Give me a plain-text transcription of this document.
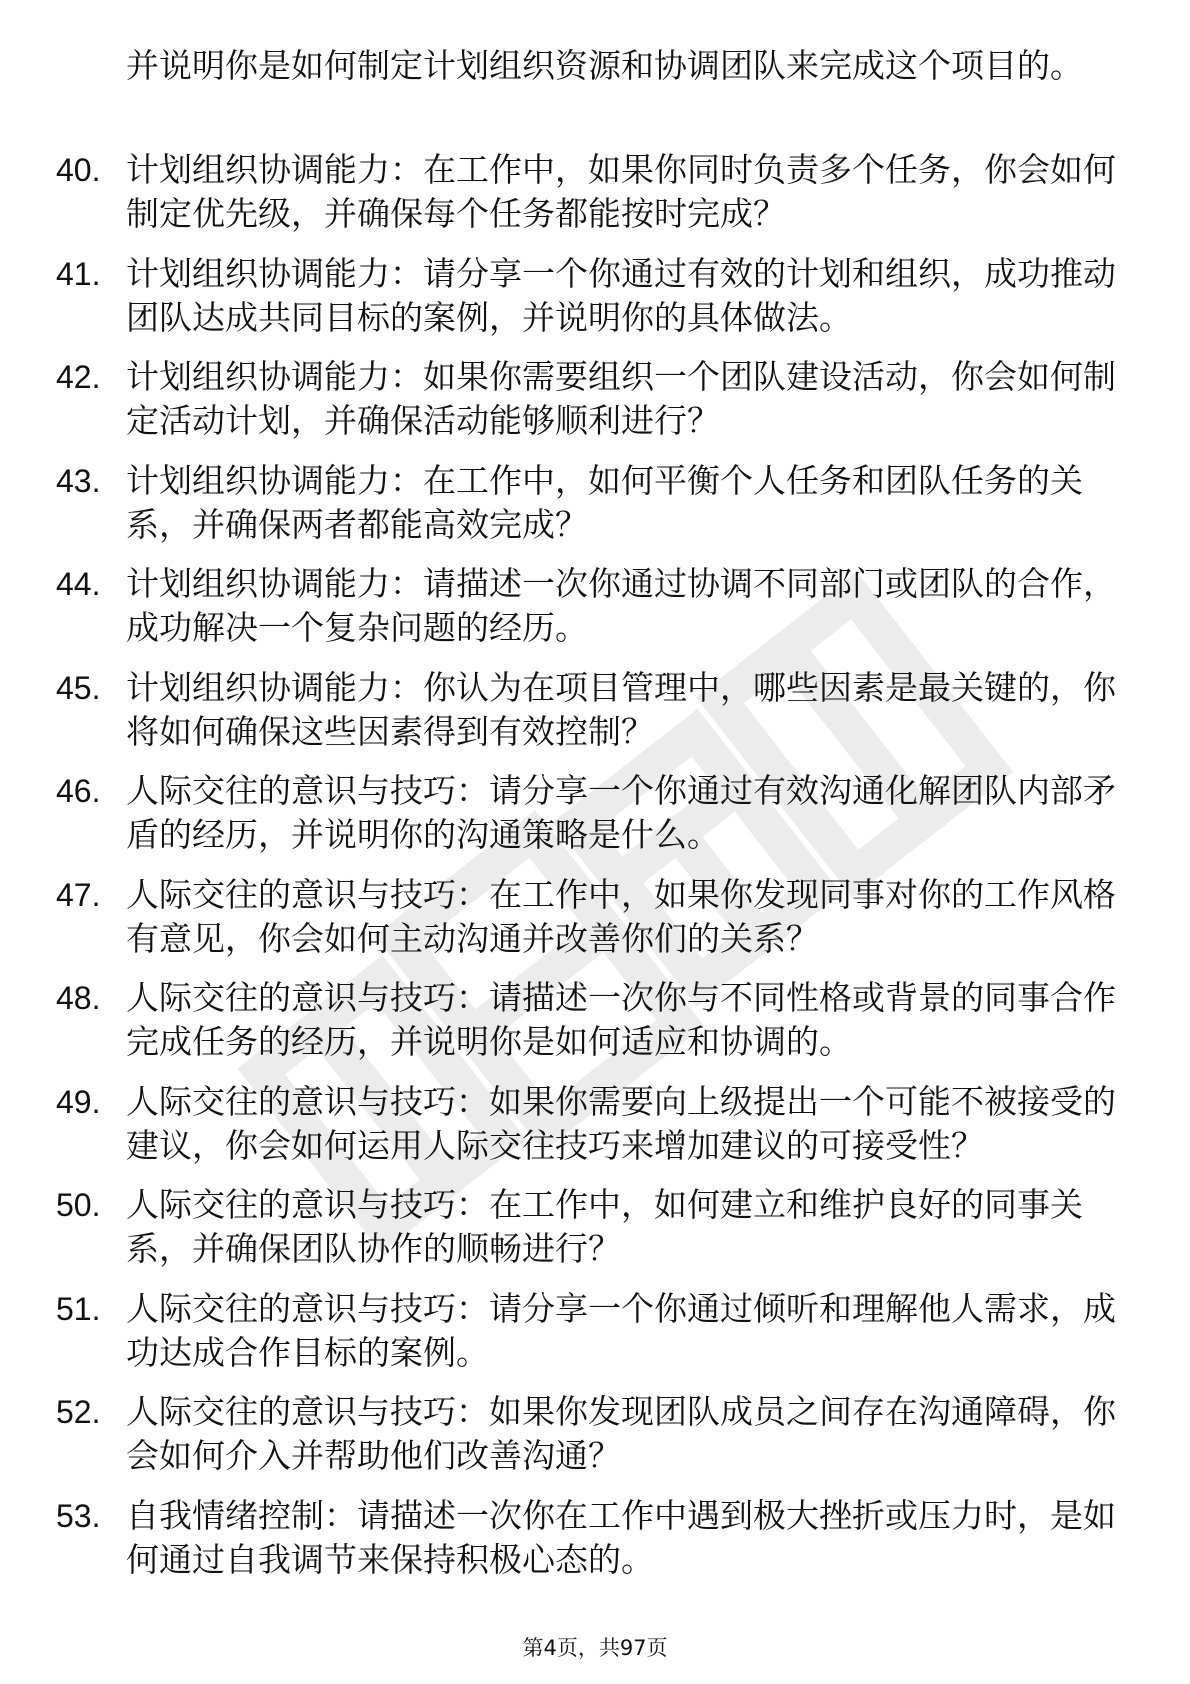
并说明你是如何制定计划组织资源和协调团队来完成这个项目的。
40. 计划组织协调能力：在工作中，如果你同时负责多个任务，你会如何制定优先级，并确保每个任务都能按时完成？
41. 计划组织协调能力：请分享一个你通过有效的计划和组织，成功推动团队达成共同目标的案例，并说明你的具体做法。
42. 计划组织协调能力：如果你需要组织一个团队建设活动，你会如何制定活动计划，并确保活动能够顺利进行？
43. 计划组织协调能力：在工作中，如何平衡个人任务和团队任务的关系，并确保两者都能高效完成？
44. 计划组织协调能力：请描述一次你通过协调不同部门或团队的合作，成功解决一个复杂问题的经历。
45. 计划组织协调能力：你认为在项目管理中，哪些因素是最关键的，你将如何确保这些因素得到有效控制？
46. 人际交往的意识与技巧：请分享一个你通过有效沟通化解团队内部矛盾的经历，并说明你的沟通策略是什么。
47. 人际交往的意识与技巧：在工作中，如果你发现同事对你的工作风格有意见，你会如何主动沟通并改善你们的关系？
48. 人际交往的意识与技巧：请描述一次你与不同性格或背景的同事合作完成任务的经历，并说明你是如何适应和协调的。
49. 人际交往的意识与技巧：如果你需要向上级提出一个可能不被接受的建议，你会如何运用人际交往技巧来增加建议的可接受性？
50. 人际交往的意识与技巧：在工作中，如何建立和维护良好的同事关系，并确保团队协作的顺畅进行？
51. 人际交往的意识与技巧：请分享一个你通过倾听和理解他人需求，成功达成合作目标的案例。
52. 人际交往的意识与技巧：如果你发现团队成员之间存在沟通障碍，你会如何介入并帮助他们改善沟通？
53. 自我情绪控制：请描述一次你在工作中遇到极大挫折或压力时，是如何通过自我调节来保持积极心态的。
第4页，共97页
